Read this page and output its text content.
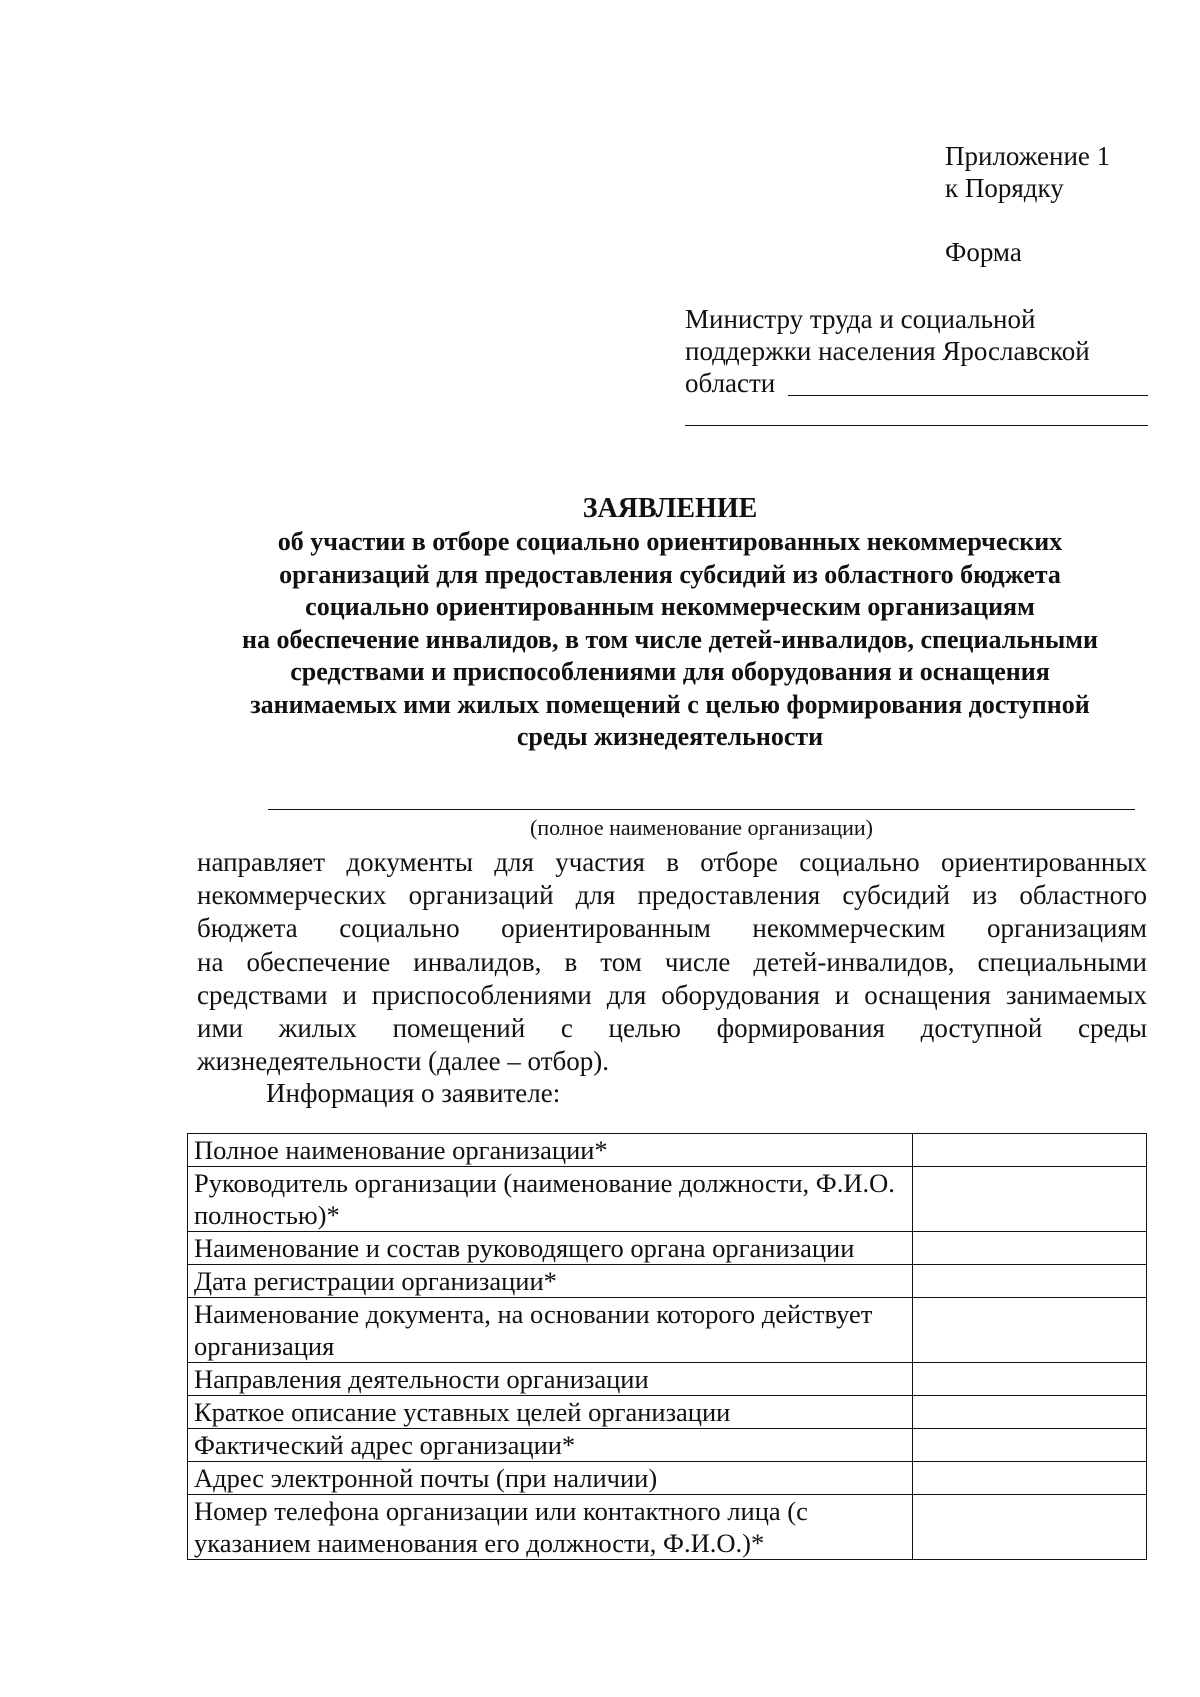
Приложение 1
к Порядку
Форма
Министру труда и социальной
поддержки населения Ярославской
области
ЗАЯВЛЕНИЕ
об участии в отборе социально ориентированных некоммерческих
организаций для предоставления субсидий из областного бюджета
социально ориентированным некоммерческим организациям
на обеспечение инвалидов, в том числе детей-инвалидов, специальными
средствами и приспособлениями для оборудования и оснащения
занимаемых ими жилых помещений с целью формирования доступной
среды жизнедеятельности
(полное наименование организации)
направляет документы для участия в отборе социально ориентированных
некоммерческих организаций для предоставления субсидий из областного
бюджета социально ориентированным некоммерческим организациям
на обеспечение инвалидов, в том числе детей-инвалидов, специальными
средствами и приспособлениями для оборудования и оснащения занимаемых
ими жилых помещений с целью формирования доступной среды
жизнедеятельности (далее – отбор).
Информация о заявителе:
Полное наименование организации*	
Руководитель организации (наименование должности, Ф.И.О. полностью)*	
Наименование и состав руководящего органа организации	
Дата регистрации организации*	
Наименование документа, на основании которого действует организация	
Направления деятельности организации	
Краткое описание уставных целей организации	
Фактический адрес организации*	
Адрес электронной почты (при наличии)	
Номер телефона организации или контактного лица (с указанием наименования его должности, Ф.И.О.)*	
